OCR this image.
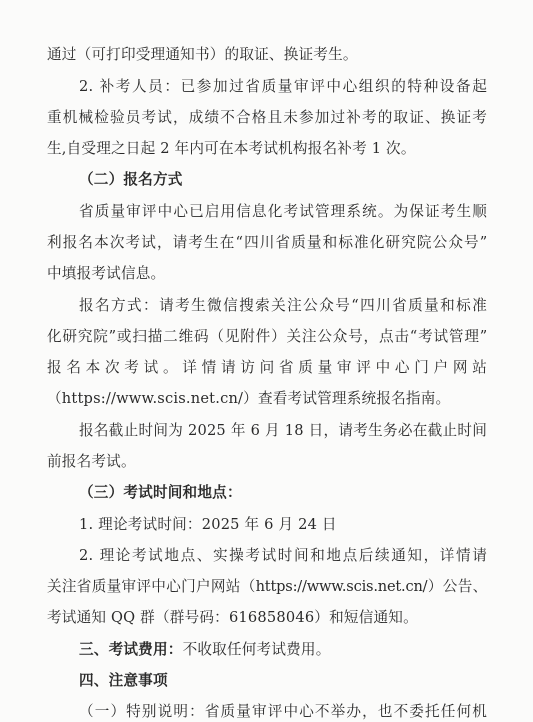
通过（可打印受理通知书）的取证、换证考生。
2. 补考人员：已参加过省质量审评中心组织的特种设备起
重机械检验员考试，成绩不合格且未参加过补考的取证、换证考
生,自受理之日起 2 年内可在本考试机构报名补考 1 次。
（二）报名方式
省质量审评中心已启用信息化考试管理系统。为保证考生顺
利报名本次考试，请考生在“四川省质量和标准化研究院公众号”
中填报考试信息。
报名方式：请考生微信搜索关注公众号“四川省质量和标准
化研究院”或扫描二维码（见附件）关注公众号，点击“考试管理”
报名本次考试。详情请访问省质量审评中心门户网站
（https://www.scis.net.cn/）查看考试管理系统报名指南。
报名截止时间为 2025 年 6 月 18 日，请考生务必在截止时间
前报名考试。
（三）考试时间和地点：
1. 理论考试时间：2025 年 6 月 24 日
2. 理论考试地点、实操考试时间和地点后续通知，详情请
关注省质量审评中心门户网站（https://www.scis.net.cn/）公告、
考试通知 QQ 群（群号码：616858046）和短信通知。
三、考试费用：不收取任何考试费用。
四、注意事项
（一）特别说明：省质量审评中心不举办，也不委托任何机
